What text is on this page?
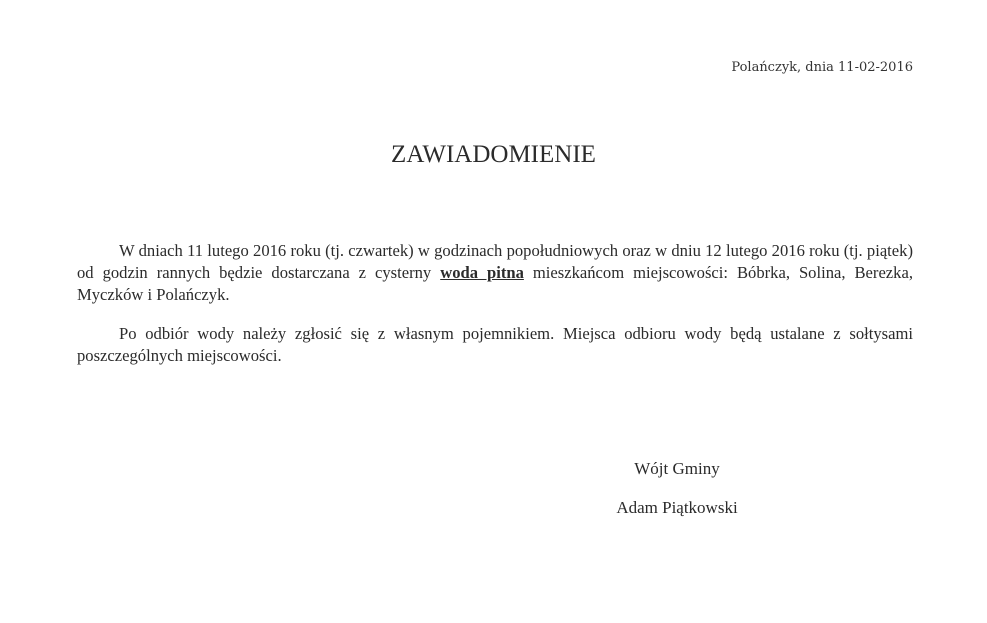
Polańczyk, dnia 11-02-2016
ZAWIADOMIENIE

W dniach 11 lutego 2016 roku (tj. czwartek) w godzinach popołudniowych oraz w dniu 12 lutego 2016 roku (tj. piątek) od godzin rannych będzie dostarczana z cysterny woda pitna mieszkańcom miejscowości: Bóbrka, Solina, Berezka, Myczków i Polańczyk.

Po odbiór wody należy zgłosić się z własnym pojemnikiem. Miejsca odbioru wody będą ustalane z sołtysami poszczególnych miejscowości.

Wójt Gminy
Adam Piątkowski
